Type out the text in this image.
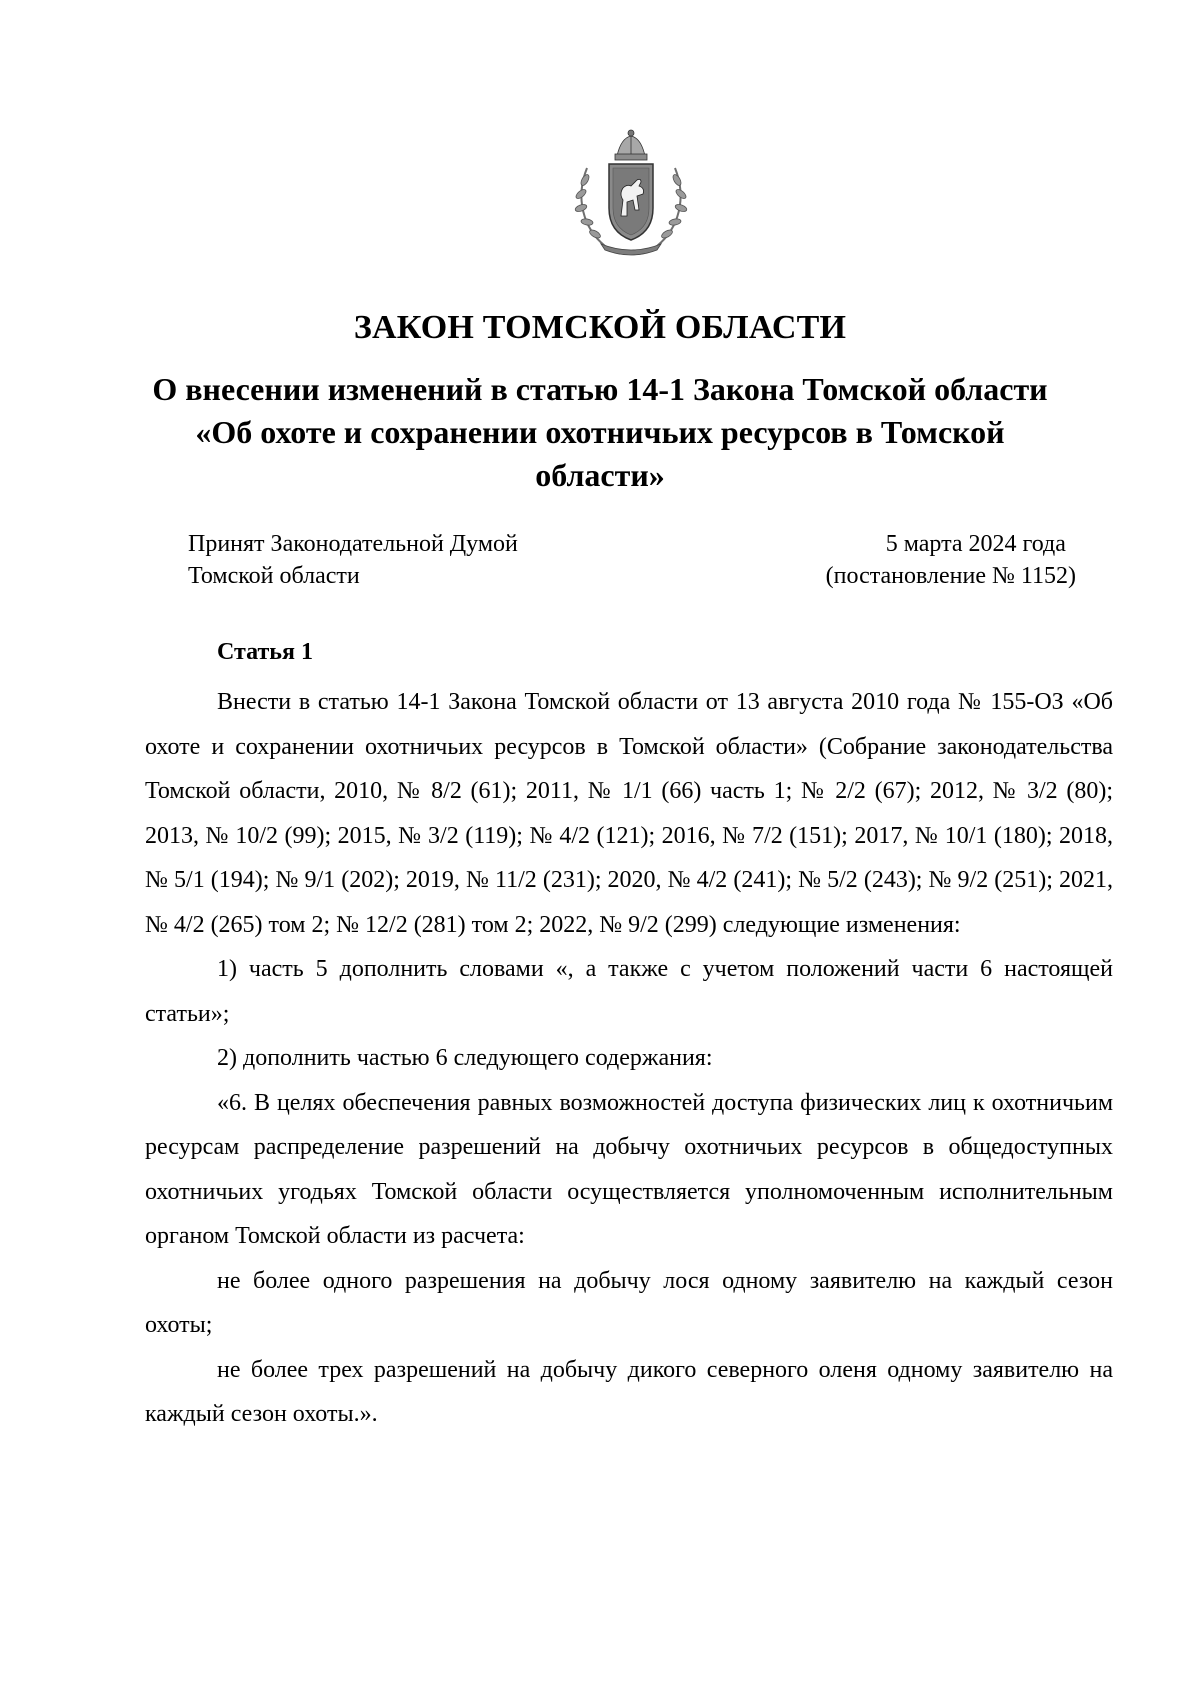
ЗАКОН ТОМСКОЙ ОБЛАСТИ
О внесении изменений в статью 14-1 Закона Томской области «Об охоте и сохранении охотничьих ресурсов в Томской области»
Принят Законодательной Думой
Томской области
5 марта 2024 года
(постановление № 1152)
Статья 1

Внести в статью 14-1 Закона Томской области от 13 августа 2010 года № 155-ОЗ «Об охоте и сохранении охотничьих ресурсов в Томской области» (Собрание законодательства Томской области, 2010, № 8/2 (61); 2011, № 1/1 (66) часть 1; № 2/2 (67); 2012, № 3/2 (80); 2013, № 10/2 (99); 2015, № 3/2 (119); № 4/2 (121); 2016, № 7/2 (151); 2017, № 10/1 (180); 2018, № 5/1 (194); № 9/1 (202); 2019, № 11/2 (231); 2020, № 4/2 (241); № 5/2 (243); № 9/2 (251); 2021, № 4/2 (265) том 2; № 12/2 (281) том 2; 2022, № 9/2 (299) следующие изменения:

1) часть 5 дополнить словами «, а также с учетом положений части 6 настоящей статьи»;

2) дополнить частью 6 следующего содержания:

«6. В целях обеспечения равных возможностей доступа физических лиц к охотничьим ресурсам распределение разрешений на добычу охотничьих ресурсов в общедоступных охотничьих угодьях Томской области осуществляется уполномоченным исполнительным органом Томской области из расчета:

не более одного разрешения на добычу лося одному заявителю на каждый сезон охоты;

не более трех разрешений на добычу дикого северного оленя одному заявителю на каждый сезон охоты.».
